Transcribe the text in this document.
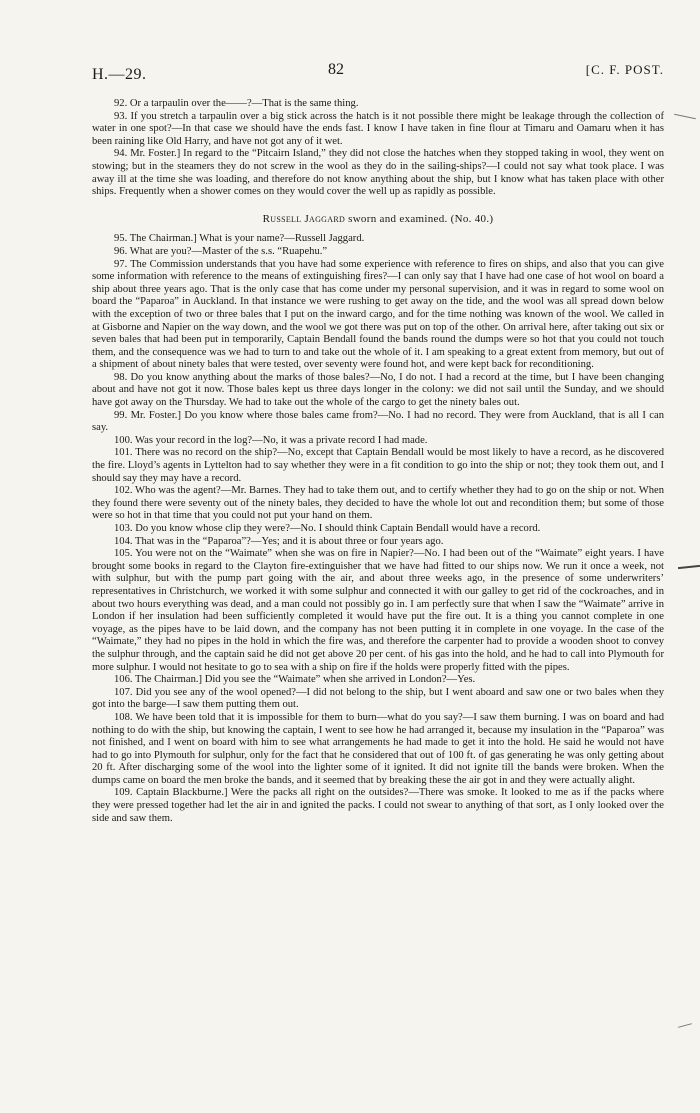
H.—29.	82	[C. F. POST.

92. Or a tarpaulin over the——?—That is the same thing.

93. If you stretch a tarpaulin over a big stick across the hatch is it not possible there might be leakage through the collection of water in one spot?—In that case we should have the ends fast. I know I have taken in fine flour at Timaru and Oamaru when it has been raining like Old Harry, and have not got any of it wet.

94. Mr. Foster.] In regard to the “Pitcairn Island,” they did not close the hatches when they stopped taking in wool, they went on stowing; but in the steamers they do not screw in the wool as they do in the sailing-ships?—I could not say what took place. I was away ill at the time she was loading, and therefore do not know anything about the ship, but I know what has taken place with other ships. Frequently when a shower comes on they would cover the well up as rapidly as possible.

Russell Jaggard sworn and examined. (No. 40.)

95. The Chairman.] What is your name?—Russell Jaggard.

96. What are you?—Master of the s.s. “Ruapehu.”

97. The Commission understands that you have had some experience with reference to fires on ships, and also that you can give some information with reference to the means of extinguishing fires?—I can only say that I have had one case of hot wool on board a ship about three years ago. That is the only case that has come under my personal supervision, and it was in regard to some wool on board the “Paparoa” in Auckland. In that instance we were rushing to get away on the tide, and the wool was all spread down below with the exception of two or three bales that I put on the inward cargo, and for the time nothing was known of the wool. We called in at Gisborne and Napier on the way down, and the wool we got there was put on top of the other. On arrival here, after taking out six or seven bales that had been put in temporarily, Captain Bendall found the bands round the dumps were so hot that you could not touch them, and the consequence was we had to turn to and take out the whole of it. I am speaking to a great extent from memory, but out of a shipment of about ninety bales that were tested, over seventy were found hot, and were kept back for reconditioning.

98. Do you know anything about the marks of those bales?—No, I do not. I had a record at the time, but I have been changing about and have not got it now. Those bales kept us three days longer in the colony: we did not sail until the Sunday, and we should have got away on the Thursday. We had to take out the whole of the cargo to get the ninety bales out.

99. Mr. Foster.] Do you know where those bales came from?—No. I had no record. They were from Auckland, that is all I can say.

100. Was your record in the log?—No, it was a private record I had made.

101. There was no record on the ship?—No, except that Captain Bendall would be most likely to have a record, as he discovered the fire. Lloyd’s agents in Lyttelton had to say whether they were in a fit condition to go into the ship or not; they took them out, and I should say they may have a record.

102. Who was the agent?—Mr. Barnes. They had to take them out, and to certify whether they had to go on the ship or not. When they found there were seventy out of the ninety bales, they decided to have the whole lot out and recondition them; but some of those were so hot in that time that you could not put your hand on them.

103. Do you know whose clip they were?—No. I should think Captain Bendall would have a record.

104. That was in the “Paparoa”?—Yes; and it is about three or four years ago.

105. You were not on the “Waimate” when she was on fire in Napier?—No. I had been out of the “Waimate” eight years. I have brought some books in regard to the Clayton fire-extinguisher that we have had fitted to our ships now. We run it once a week, not with sulphur, but with the pump part going with the air, and about three weeks ago, in the presence of some underwriters’ representatives in Christchurch, we worked it with some sulphur and connected it with our galley to get rid of the cockroaches, and in about two hours everything was dead, and a man could not possibly go in. I am perfectly sure that when I saw the “Waimate” arrive in London if her insulation had been sufficiently completed it would have put the fire out. It is a thing you cannot complete in one voyage, as the pipes have to be laid down, and the company has not been putting it in complete in one voyage. In the case of the “Waimate,” they had no pipes in the hold in which the fire was, and therefore the carpenter had to provide a wooden shoot to convey the sulphur through, and the captain said he did not get above 20 per cent. of his gas into the hold, and he had to call into Plymouth for more sulphur. I would not hesitate to go to sea with a ship on fire if the holds were properly fitted with the pipes.

106. The Chairman.] Did you see the “Waimate” when she arrived in London?—Yes.

107. Did you see any of the wool opened?—I did not belong to the ship, but I went aboard and saw one or two bales when they got into the barge—I saw them putting them out.

108. We have been told that it is impossible for them to burn—what do you say?—I saw them burning. I was on board and had nothing to do with the ship, but knowing the captain, I went to see how he had arranged it, because my insulation in the “Paparoa” was not finished, and I went on board with him to see what arrangements he had made to get it into the hold. He said he would not have had to go into Plymouth for sulphur, only for the fact that he considered that out of 100 ft. of gas generating he was only getting about 20 ft. After discharging some of the wool into the lighter some of it ignited. It did not ignite till the bands were broken. When the dumps came on board the men broke the bands, and it seemed that by breaking these the air got in and they were actually alight.

109. Captain Blackburne.] Were the packs all right on the outsides?—There was smoke. It looked to me as if the packs where they were pressed together had let the air in and ignited the packs. I could not swear to anything of that sort, as I only looked over the side and saw them.
